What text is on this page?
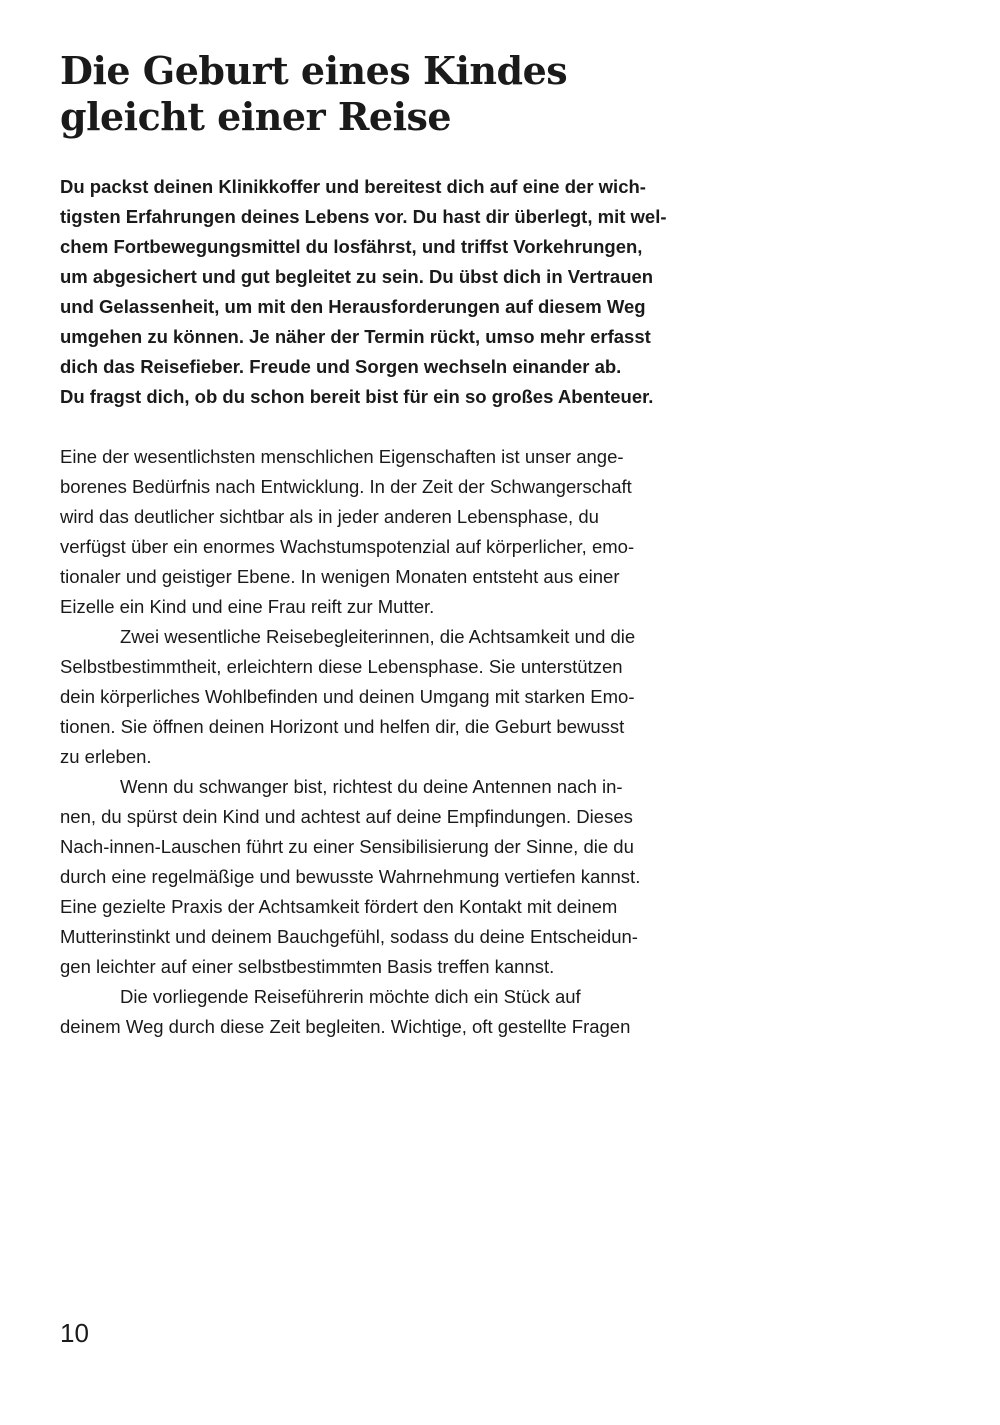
Die Geburt eines Kindes
gleicht einer Reise

Du packst deinen Klinikkoffer und bereitest dich auf eine der wich-
tigsten Erfahrungen deines Lebens vor. Du hast dir überlegt, mit wel-
chem Fortbewegungsmittel du losfährst, und triffst Vorkehrungen,
um abgesichert und gut begleitet zu sein. Du übst dich in Vertrauen
und Gelassenheit, um mit den Herausforderungen auf diesem Weg
umgehen zu können. Je näher der Termin rückt, umso mehr erfasst
dich das Reisefieber. Freude und Sorgen wechseln einander ab.
Du fragst dich, ob du schon bereit bist für ein so großes Abenteuer.

Eine der wesentlichsten menschlichen Eigenschaften ist unser ange-
borenes Bedürfnis nach Entwicklung. In der Zeit der Schwangerschaft
wird das deutlicher sichtbar als in jeder anderen Lebensphase, du
verfügst über ein enormes Wachstumspotenzial auf körperlicher, emo-
tionaler und geistiger Ebene. In wenigen Monaten entsteht aus einer
Eizelle ein Kind und eine Frau reift zur Mutter.
Zwei wesentliche Reisebegleiterinnen, die Achtsamkeit und die
Selbstbestimmtheit, erleichtern diese Lebensphase. Sie unterstützen
dein körperliches Wohlbefinden und deinen Umgang mit starken Emo-
tionen. Sie öffnen deinen Horizont und helfen dir, die Geburt bewusst
zu erleben.
Wenn du schwanger bist, richtest du deine Antennen nach in-
nen, du spürst dein Kind und achtest auf deine Empfindungen. Dieses
Nach-innen-Lauschen führt zu einer Sensibilisierung der Sinne, die du
durch eine regelmäßige und bewusste Wahrnehmung vertiefen kannst.
Eine gezielte Praxis der Achtsamkeit fördert den Kontakt mit deinem
Mutterinstinkt und deinem Bauchgefühl, sodass du deine Entscheidun-
gen leichter auf einer selbstbestimmten Basis treffen kannst.
Die vorliegende Reiseführerin möchte dich ein Stück auf
deinem Weg durch diese Zeit begleiten. Wichtige, oft gestellte Fragen
10
